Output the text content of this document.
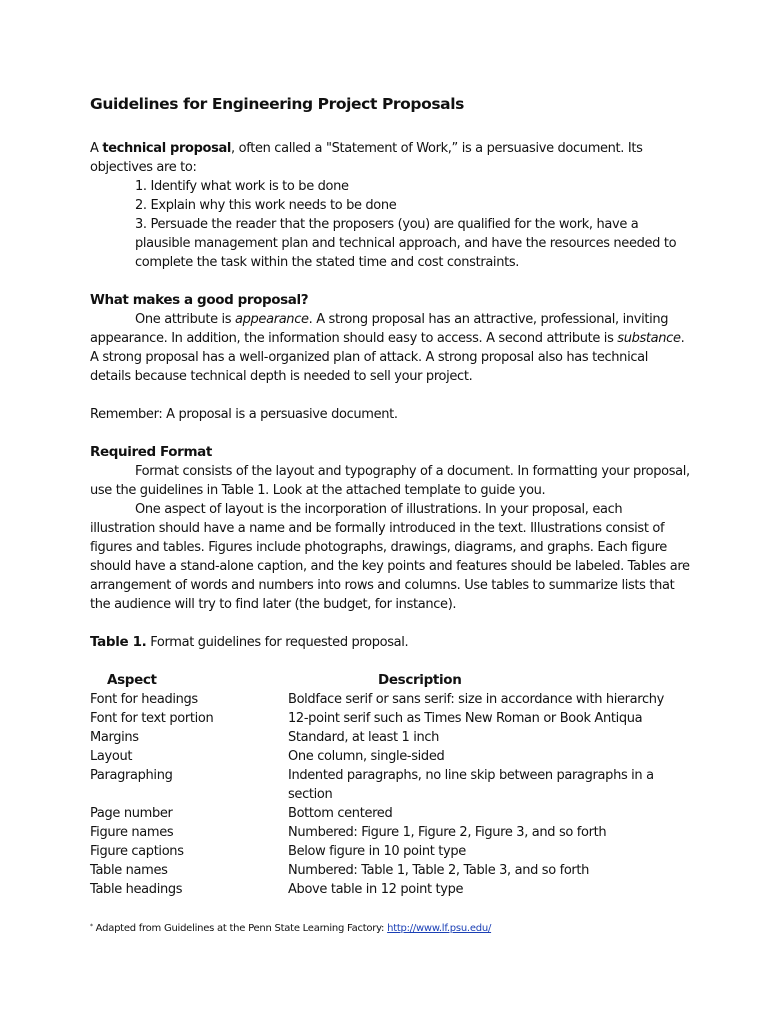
Guidelines for Engineering Project Proposals

A technical proposal, often called a "Statement of Work,” is a persuasive document. Its objectives are to:

1. Identify what work is to be done
2. Explain why this work needs to be done
3. Persuade the reader that the proposers (you) are qualified for the work, have a plausible management plan and technical approach, and have the resources needed to complete the task within the stated time and cost constraints.
What makes a good proposal?

One attribute is appearance. A strong proposal has an attractive, professional, inviting appearance. In addition, the information should easy to access. A second attribute is substance. A strong proposal has a well-organized plan of attack. A strong proposal also has technical details because technical depth is needed to sell your project.

Remember: A proposal is a persuasive document.

Required Format

Format consists of the layout and typography of a document. In formatting your proposal, use the guidelines in Table 1. Look at the attached template to guide you.

One aspect of layout is the incorporation of illustrations. In your proposal, each illustration should have a name and be formally introduced in the text. Illustrations consist of figures and tables. Figures include photographs, drawings, diagrams, and graphs. Each figure should have a stand-alone caption, and the key points and features should be labeled. Tables are arrangement of words and numbers into rows and columns. Use tables to summarize lists that the audience will try to find later (the budget, for instance).

Table 1. Format guidelines for requested proposal.

Aspect	Description
Font for headings	Boldface serif or sans serif: size in accordance with hierarchy
Font for text portion	12-point serif such as Times New Roman or Book Antiqua
Margins	Standard, at least 1 inch
Layout	One column, single-sided
Paragraphing	Indented paragraphs, no line skip between paragraphs in a section
Page number	Bottom centered
Figure names	Numbered: Figure 1, Figure 2, Figure 3, and so forth
Figure captions	Below figure in 10 point type
Table names	Numbered: Table 1, Table 2, Table 3, and so forth
Table headings	Above table in 12 point type

* Adapted from Guidelines at the Penn State Learning Factory: http://www.lf.psu.edu/
